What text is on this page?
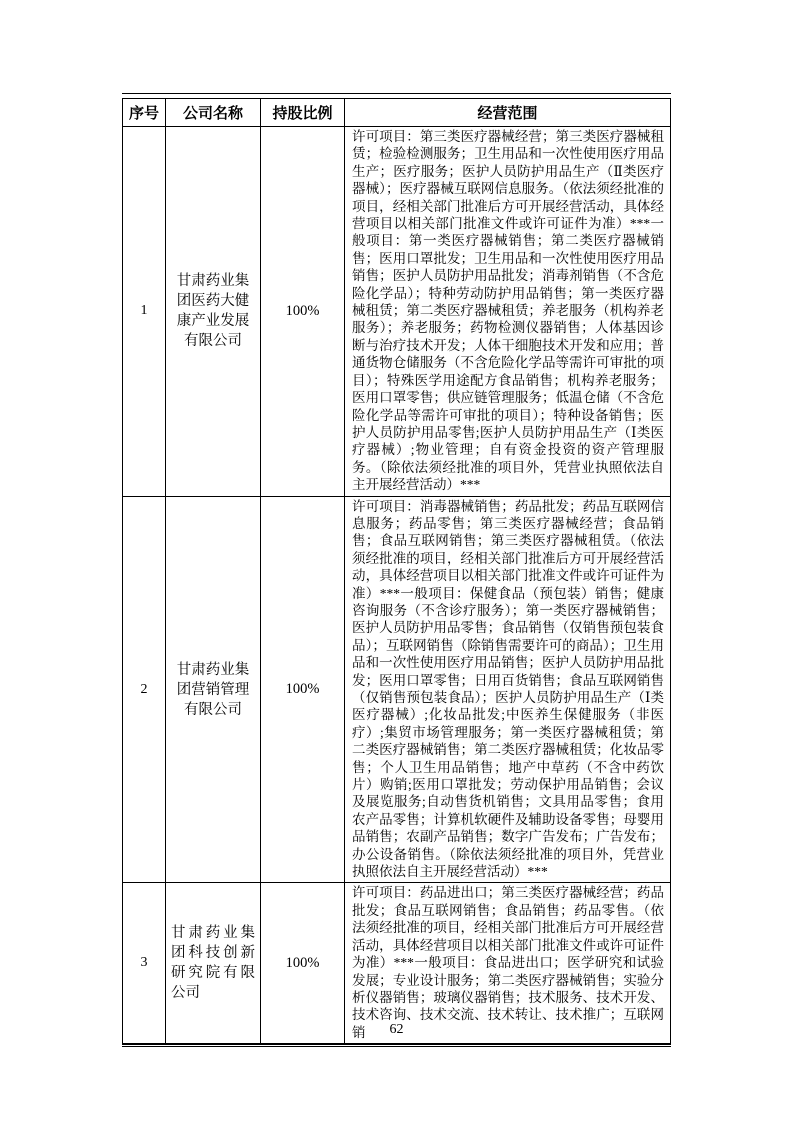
序号	公司名称	持股比例	经营范围
1	甘肃药业集团医药大健康产业发展有限公司	100%	许可项目：第三类医疗器械经营；第三类医疗器械租赁；检验检测服务；卫生用品和一次性使用医疗用品生产；医疗服务；医护人员防护用品生产（Ⅱ类医疗器械）；医疗器械互联网信息服务。（依法须经批准的项目，经相关部门批准后方可开展经营活动，具体经营项目以相关部门批准文件或许可证件为准）***一般项目：第一类医疗器械销售；第二类医疗器械销售；医用口罩批发；卫生用品和一次性使用医疗用品销售；医护人员防护用品批发；消毒剂销售（不含危险化学品）；特种劳动防护用品销售；第一类医疗器械租赁；第二类医疗器械租赁；养老服务（机构养老服务）；养老服务；药物检测仪器销售；人体基因诊断与治疗技术开发；人体干细胞技术开发和应用；普通货物仓储服务（不含危险化学品等需许可审批的项目）；特殊医学用途配方食品销售；机构养老服务；医用口罩零售；供应链管理服务；低温仓储（不含危险化学品等需许可审批的项目）；特种设备销售；医护人员防护用品零售;医护人员防护用品生产（Ⅰ类医疗器械）;物业管理；自有资金投资的资产管理服务。（除依法须经批准的项目外，凭营业执照依法自主开展经营活动）***
2	甘肃药业集团营销管理有限公司	100%	许可项目：消毒器械销售；药品批发；药品互联网信息服务；药品零售；第三类医疗器械经营；食品销售；食品互联网销售；第三类医疗器械租赁。（依法须经批准的项目，经相关部门批准后方可开展经营活动，具体经营项目以相关部门批准文件或许可证件为准）***一般项目：保健食品（预包装）销售；健康咨询服务（不含诊疗服务）；第一类医疗器械销售；医护人员防护用品零售；食品销售（仅销售预包装食品）；互联网销售（除销售需要许可的商品）；卫生用品和一次性使用医疗用品销售；医护人员防护用品批发；医用口罩零售；日用百货销售；食品互联网销售（仅销售预包装食品）；医护人员防护用品生产（Ⅰ类医疗器械）;化妆品批发;中医养生保健服务（非医疗）;集贸市场管理服务；第一类医疗器械租赁；第二类医疗器械销售；第二类医疗器械租赁；化妆品零售；个人卫生用品销售；地产中草药（不含中药饮片）购销;医用口罩批发；劳动保护用品销售；会议及展览服务;自动售货机销售；文具用品零售；食用农产品零售；计算机软硬件及辅助设备零售；母婴用品销售；农副产品销售；数字广告发布；广告发布；办公设备销售。（除依法须经批准的项目外，凭营业执照依法自主开展经营活动）***
3	甘肃药业集团科技创新研究院有限公司	100%	许可项目：药品进出口；第三类医疗器械经营；药品批发；食品互联网销售；食品销售；药品零售。（依法须经批准的项目，经相关部门批准后方可开展经营活动，具体经营项目以相关部门批准文件或许可证件为准）***一般项目：食品进出口；医学研究和试验发展；专业设计服务；第二类医疗器械销售；实验分析仪器销售；玻璃仪器销售；技术服务、技术开发、技术咨询、技术交流、技术转让、技术推广；互联网销	62
